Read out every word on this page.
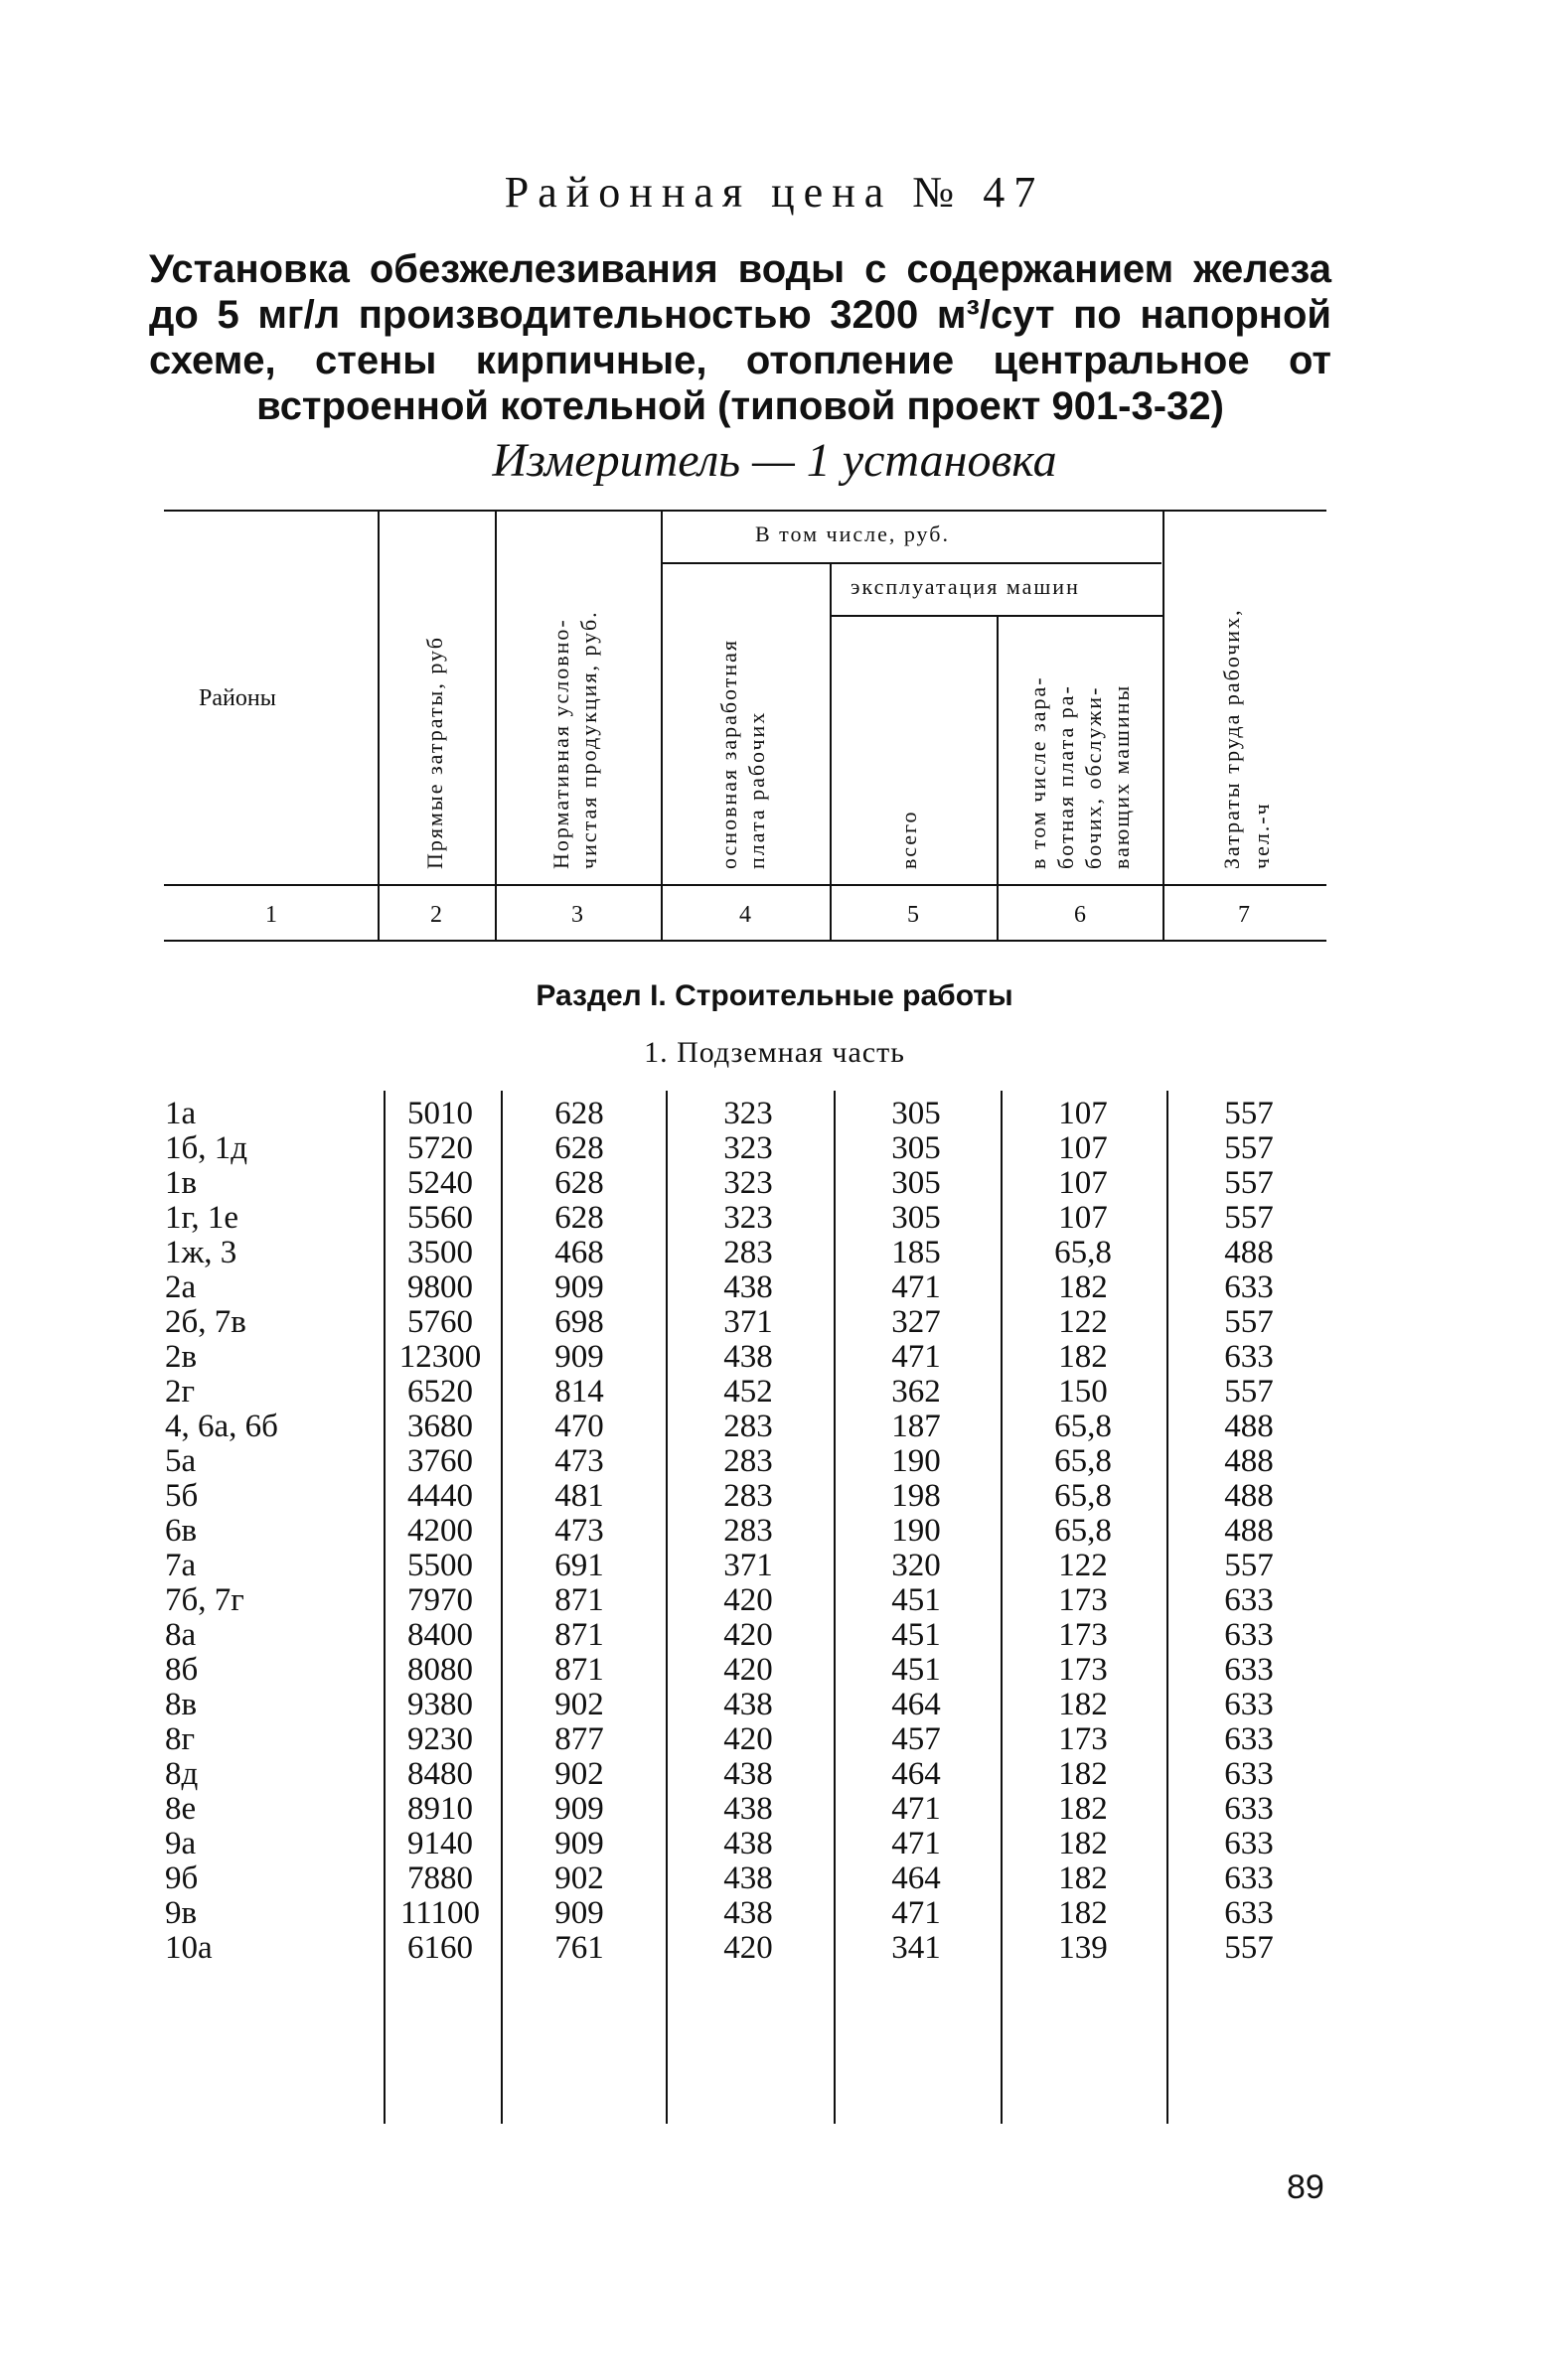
Районная цена № 47
Установка обезжелезивания воды с содержанием железа
до 5 мг/л производительностью 3200 м³/сут по напорной
схеме, стены кирпичные, отопление центральное от
встроенной котельной (типовой проект 901-3-32)
Измеритель — 1 установка
Районы
В том числе, руб.
эксплуатация машин
Прямые затраты, руб	Нормативная условно- чистая продукция, руб.	основная заработная плата рабочих	всего	в том числе зара- ботная плата ра- бочих, обслужи- вающих машины	Затраты труда рабочих, чел.-ч
1	2	3	4	5	6	7
Раздел I. Строительные работы
1. Подземная часть
1а	5010	628	323	305	107	557
1б, 1д	5720	628	323	305	107	557
1в	5240	628	323	305	107	557
1г, 1е	5560	628	323	305	107	557
1ж, 3	3500	468	283	185	65,8	488
2а	9800	909	438	471	182	633
2б, 7в	5760	698	371	327	122	557
2в	12300	909	438	471	182	633
2г	6520	814	452	362	150	557
4, 6а, 6б	3680	470	283	187	65,8	488
5а	3760	473	283	190	65,8	488
5б	4440	481	283	198	65,8	488
6в	4200	473	283	190	65,8	488
7а	5500	691	371	320	122	557
7б, 7г	7970	871	420	451	173	633
8а	8400	871	420	451	173	633
8б	8080	871	420	451	173	633
8в	9380	902	438	464	182	633
8г	9230	877	420	457	173	633
8д	8480	902	438	464	182	633
8е	8910	909	438	471	182	633
9а	9140	909	438	471	182	633
9б	7880	902	438	464	182	633
9в	11100	909	438	471	182	633
10а	6160	761	420	341	139	557
89
